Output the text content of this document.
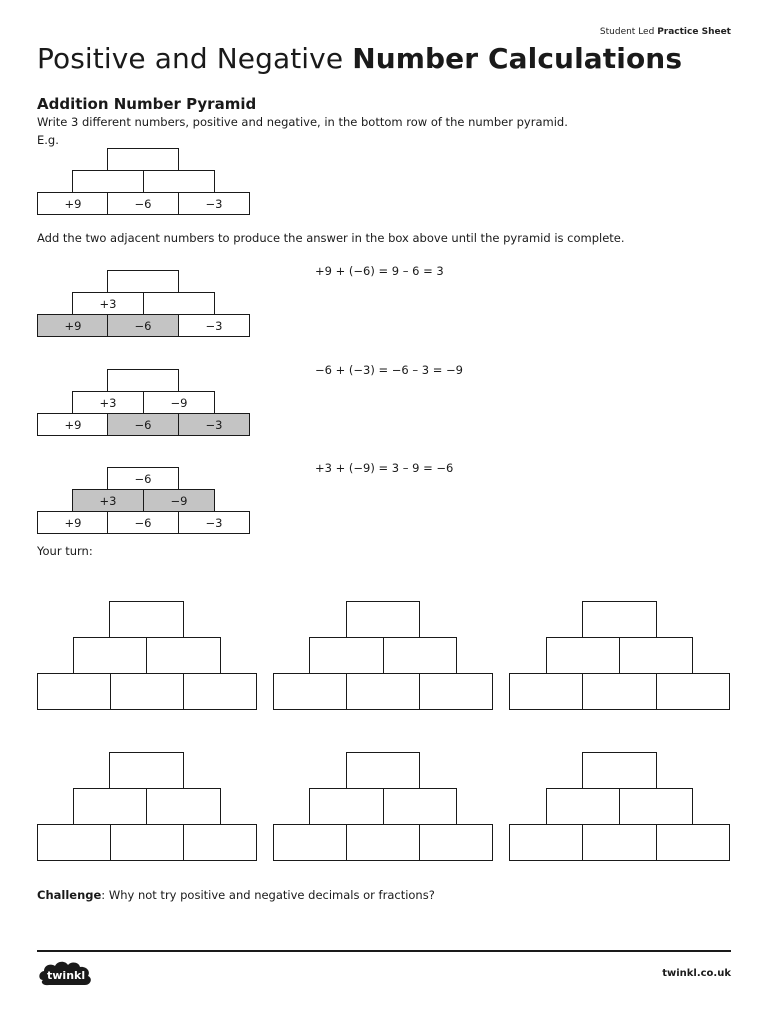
Student Led Practice Sheet
Positive and Negative Number Calculations
Addition Number Pyramid
Write 3 different numbers, positive and negative, in the bottom row of the number pyramid.
E.g.
+9	−6	−3
Add the two adjacent numbers to produce the answer in the box above until the pyramid is complete.
+3
+9	−6	−3
+9 + (−6) = 9 – 6 = 3
+3	−9
+9	−6	−3
−6 + (−3) = −6 – 3 = −9
−6
+3	−9
+9	−6	−3
+3 + (−9) = 3 – 9 = −6
Your turn:
Challenge: Why not try positive and negative decimals or fractions?
twinkl	twinkl.co.uk
